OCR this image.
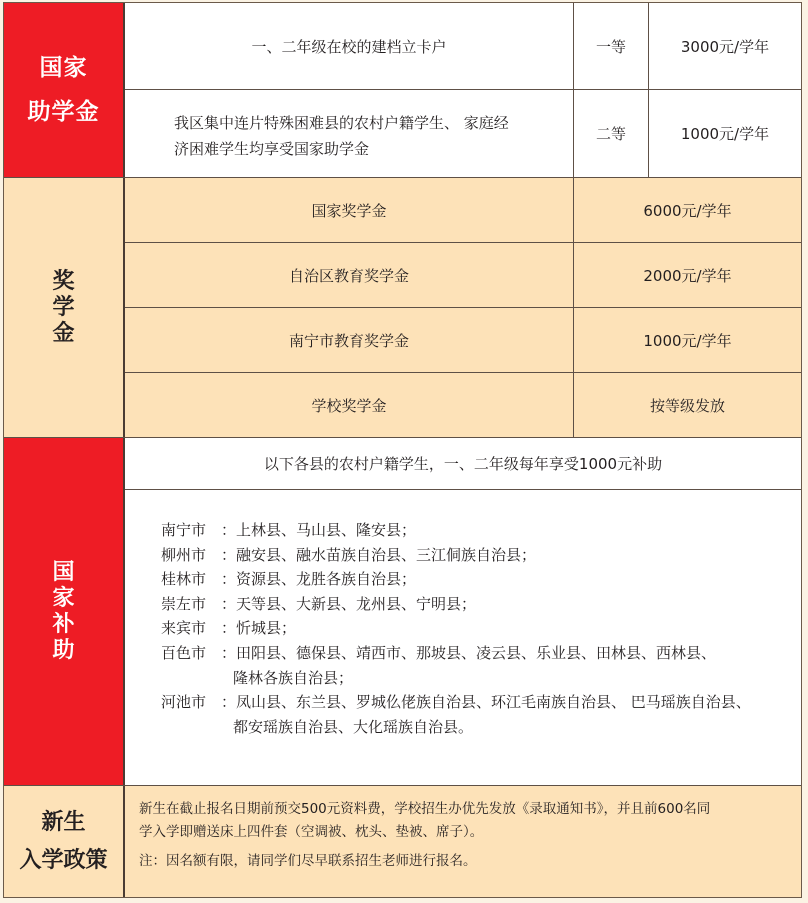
国家
助学金
一、二年级在校的建档立卡户	一等	3000元/学年
我区集中连片特殊困难县的农村户籍学生、 家庭经
济困难学生均享受国家助学金
二等	1000元/学年
奖学金
国家奖学金	6000元/学年
自治区教育奖学金	2000元/学年
南宁市教育奖学金	1000元/学年
学校奖学金	按等级发放
国家补助
以下各县的农村户籍学生，一、二年级每年享受1000元补助
南宁市 ：上林县、马山县、隆安县；
柳州市 ：融安县、融水苗族自治县、三江侗族自治县；
桂林市 ：资源县、龙胜各族自治县；
崇左市 ：天等县、大新县、龙州县、宁明县；
来宾市 ：忻城县；
百色市 ：田阳县、德保县、靖西市、那坡县、凌云县、乐业县、田林县、西林县、
隆林各族自治县；
河池市 ：凤山县、东兰县、罗城仫佬族自治县、环江毛南族自治县、 巴马瑶族自治县、
都安瑶族自治县、大化瑶族自治县。
新生
入学政策
新生在截止报名日期前预交500元资料费，学校招生办优先发放《录取通知书》，并且前600名同
学入学即赠送床上四件套（空调被、枕头、垫被、席子）。
注：因名额有限，请同学们尽早联系招生老师进行报名。
